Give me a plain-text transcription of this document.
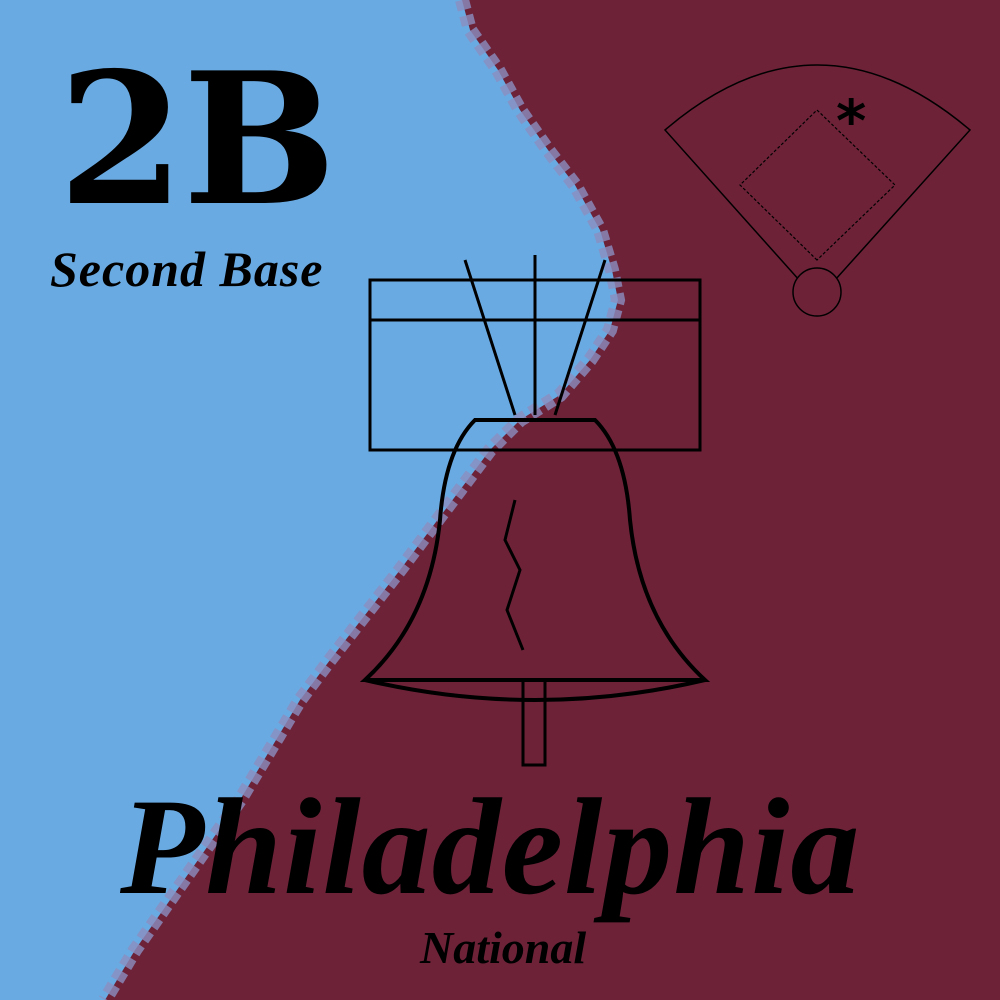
*

2B

Second Base

Philadelphia

National
